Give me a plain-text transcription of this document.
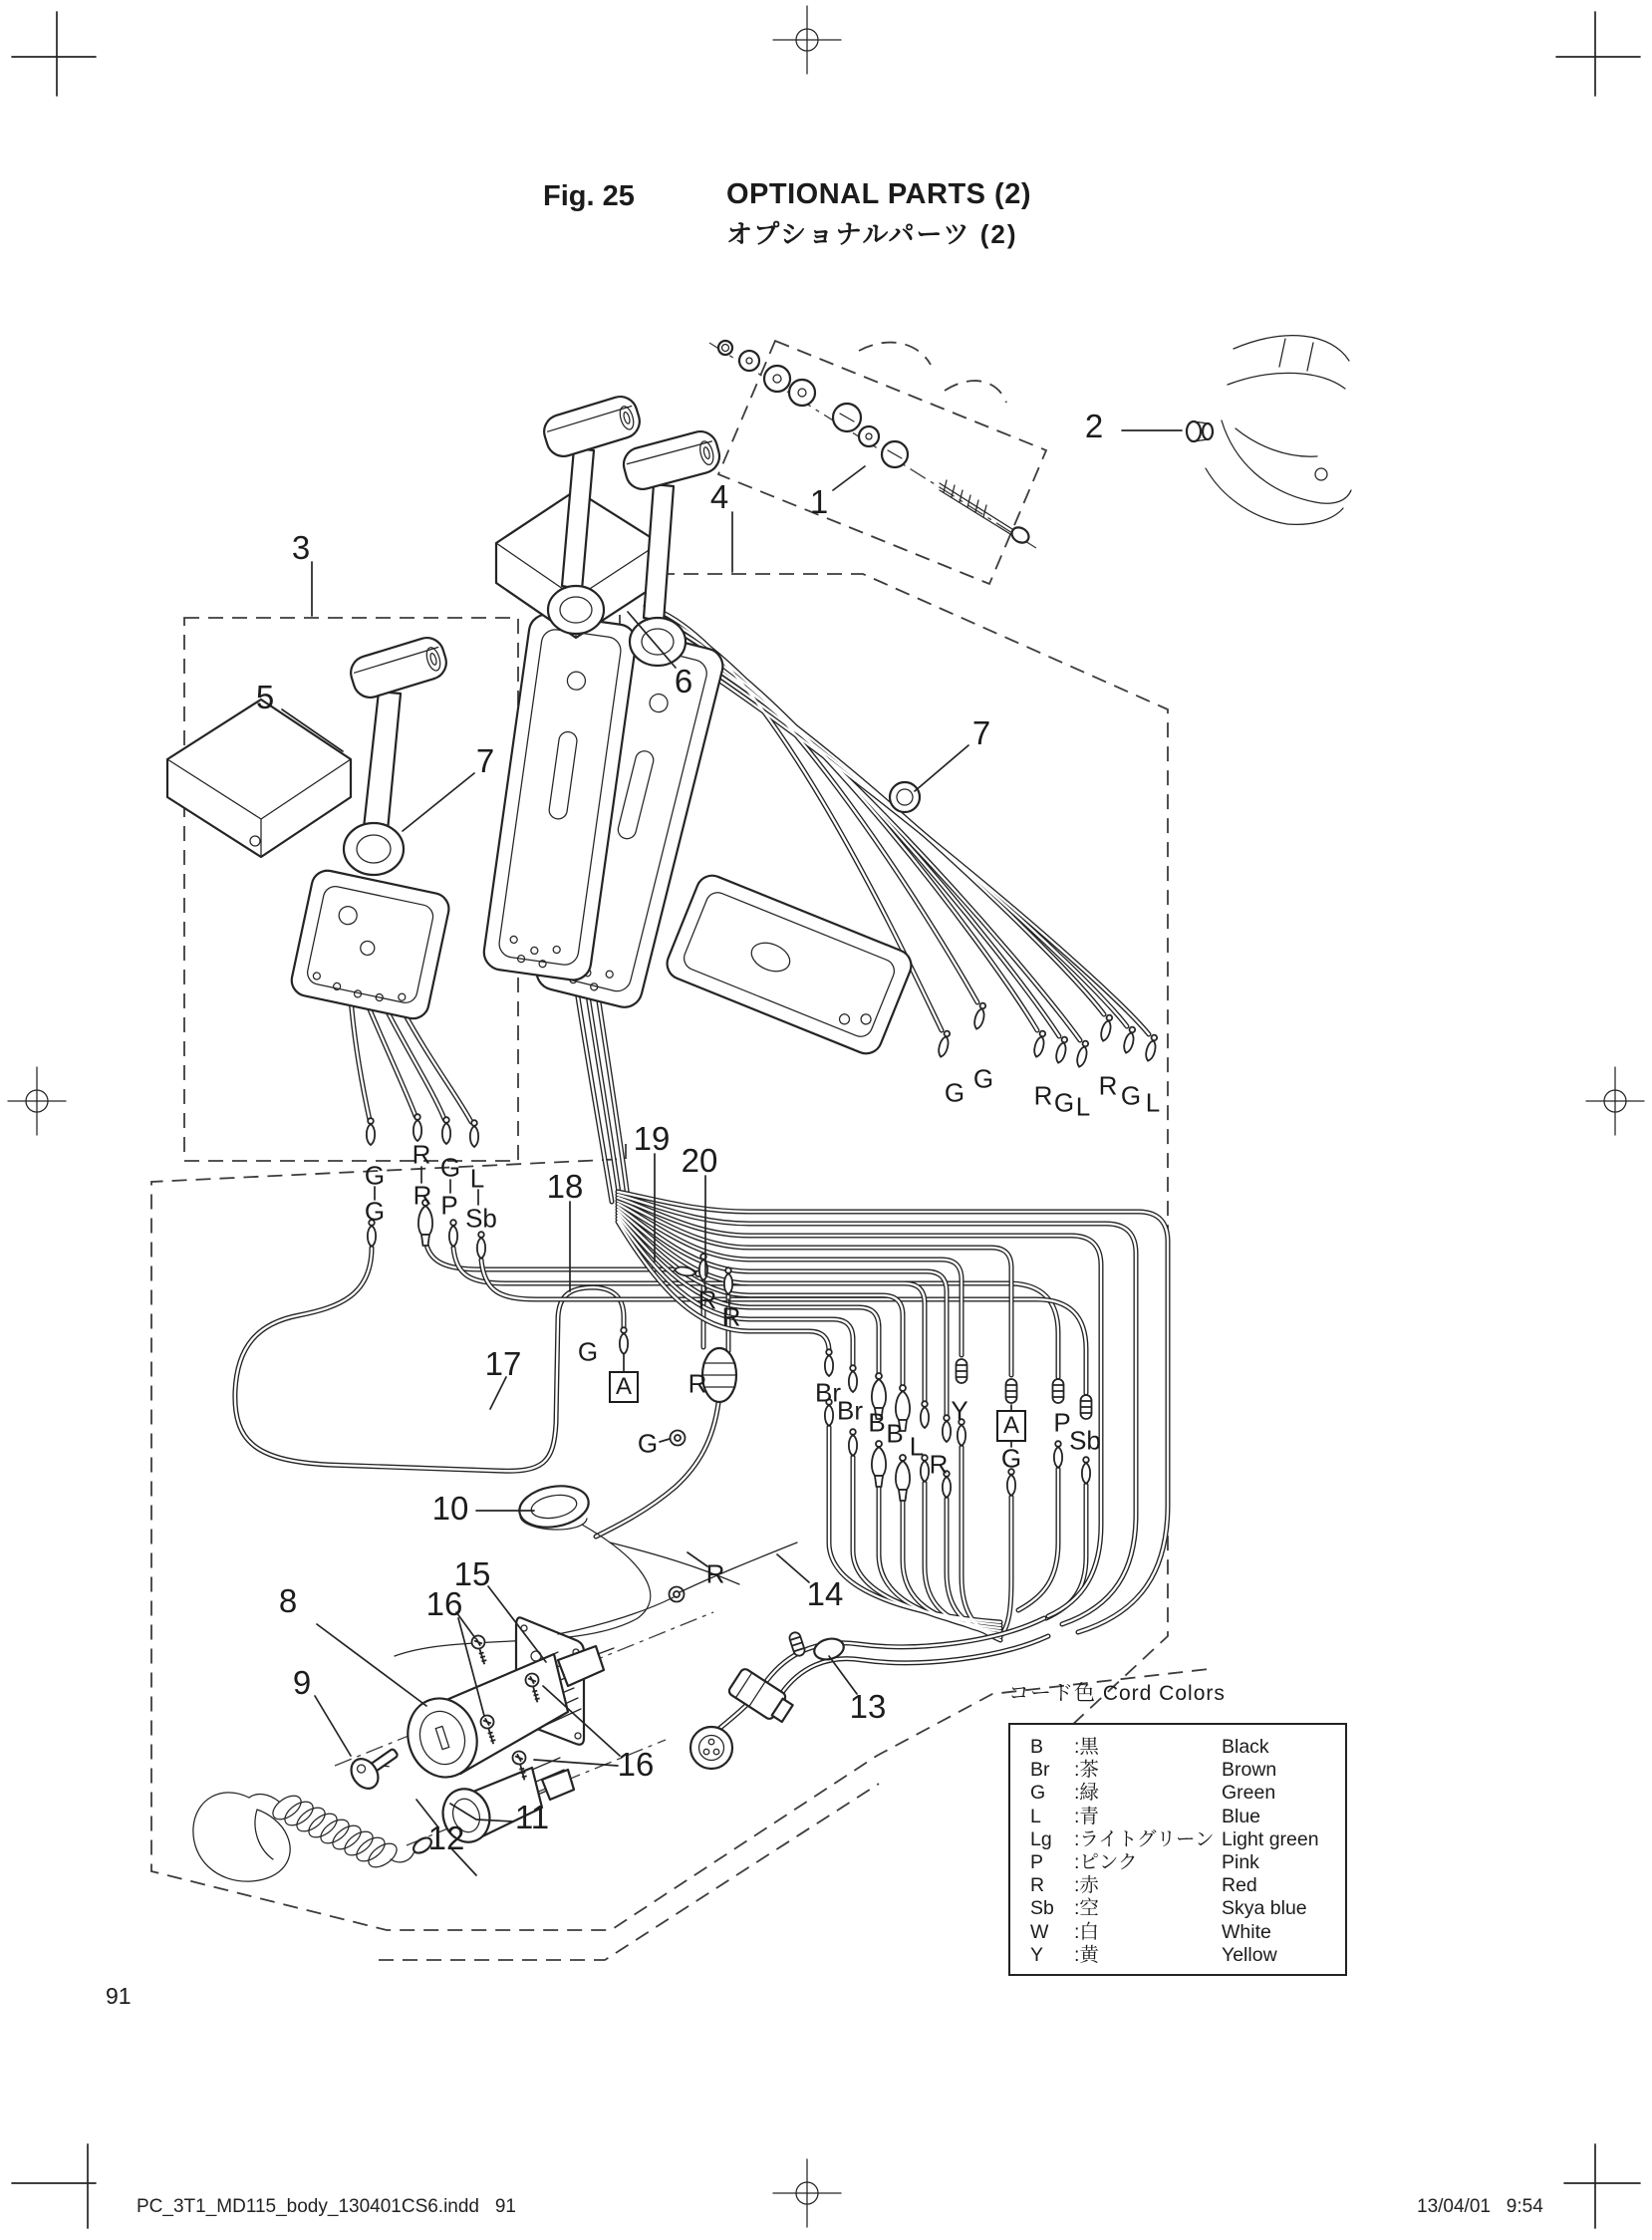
Fig. 25	OPTIONAL PARTS (2)
オプショナルパーツ (2)
1
2
3
4
5	6
7
7
8
9
10
11
12
13
14
15
16
16
17
18
19
20
G
G
R
R
G
P
L
Sb
G G
R G L
R G L
R
R
R
R
G
G
A	Br
Br B B L
R
Y A
G
P
Sb
コード色 Cord Colors
B	:黒	Black
Br	:茶	Brown
G	:緑	Green
L	:青	Blue
Lg	:ライトグリーン Light green
P	:ピンク	Pink
R	:赤	Red
Sb	:空	Skya blue
W	:白	White
Y	:黄	Yellow
91
PC_3T1_MD115_body_130401CS6.indd   91	13/04/01   9:54
